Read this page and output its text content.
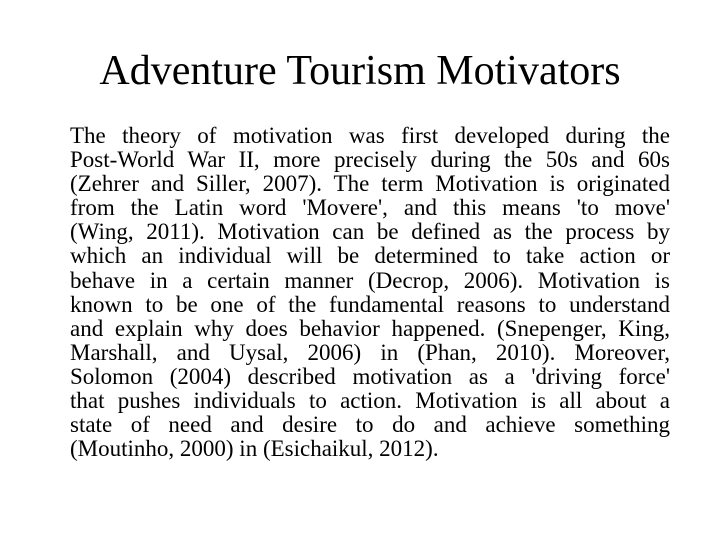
Adventure Tourism Motivators
The theory of motivation was first developed during the
Post-World War II, more precisely during the 50s and 60s
(Zehrer and Siller, 2007). The term Motivation is originated
from the Latin word 'Movere', and this means 'to move'
(Wing, 2011). Motivation can be defined as the process by
which an individual will be determined to take action or
behave in a certain manner (Decrop, 2006). Motivation is
known to be one of the fundamental reasons to understand
and explain why does behavior happened. (Snepenger, King,
Marshall, and Uysal, 2006) in (Phan, 2010). Moreover,
Solomon (2004) described motivation as a 'driving force'
that pushes individuals to action. Motivation is all about a
state of need and desire to do and achieve something
(Moutinho, 2000) in (Esichaikul, 2012).
